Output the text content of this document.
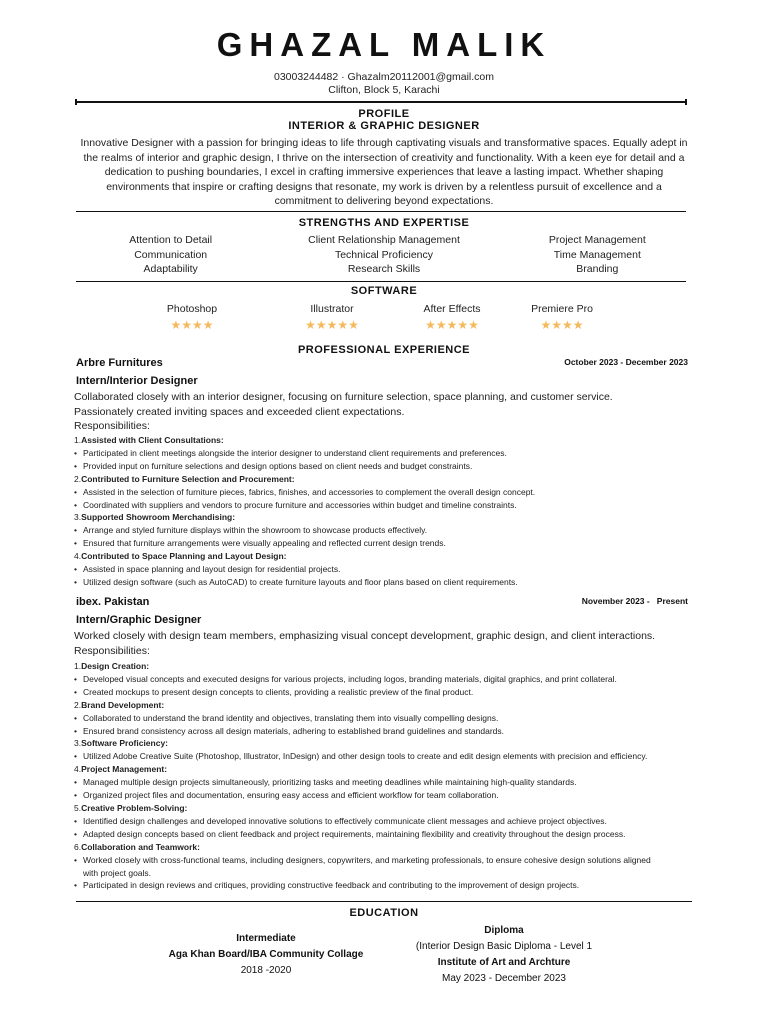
GHAZAL MALIK
03003244482 · Ghazalm20112001@gmail.com
Clifton, Block 5, Karachi
PROFILE
INTERIOR & GRAPHIC DESIGNER
Innovative Designer with a passion for bringing ideas to life through captivating visuals and transformative spaces. Equally adept in
the realms of interior and graphic design, I thrive on the intersection of creativity and functionality. With a keen eye for detail and a
dedication to pushing boundaries, I excel in crafting immersive experiences that leave a lasting impact. Whether shaping
environments that inspire or crafting designs that resonate, my work is driven by a relentless pursuit of excellence and a
commitment to delivering beyond expectations.
STRENGTHS AND EXPERTISE
Attention to Detail	Client Relationship Management	Project Management
Communication	Technical Proficiency	Time Management
Adaptability	Research Skills	Branding
SOFTWARE
Photoshop
★★★★
Illustrator
★★★★★
After Effects
★★★★★
Premiere Pro
★★★★
PROFESSIONAL EXPERIENCE
Arbre Furnitures	October 2023 - December 2023
Intern/Interior Designer
Collaborated closely with an interior designer, focusing on furniture selection, space planning, and customer service.
Passionately created inviting spaces and exceeded client expectations.
Responsibilities:
1.Assisted with Client Consultations:
• Participated in client meetings alongside the interior designer to understand client requirements and preferences.
• Provided input on furniture selections and design options based on client needs and budget constraints.
2.Contributed to Furniture Selection and Procurement:
• Assisted in the selection of furniture pieces, fabrics, finishes, and accessories to complement the overall design concept.
• Coordinated with suppliers and vendors to procure furniture and accessories within budget and timeline constraints.
3.Supported Showroom Merchandising:
• Arrange and styled furniture displays within the showroom to showcase products effectively.
• Ensured that furniture arrangements were visually appealing and reflected current design trends.
4.Contributed to Space Planning and Layout Design:
• Assisted in space planning and layout design for residential projects.
• Utilized design software (such as AutoCAD) to create furniture layouts and floor plans based on client requirements.
ibex. Pakistan	November 2023 -   Present
Intern/Graphic Designer
Worked closely with design team members, emphasizing visual concept development, graphic design, and client interactions.
Responsibilities:
1.Design Creation:
• Developed visual concepts and executed designs for various projects, including logos, branding materials, digital graphics, and print collateral.
• Created mockups to present design concepts to clients, providing a realistic preview of the final product.
2.Brand Development:
• Collaborated to understand the brand identity and objectives, translating them into visually compelling designs.
• Ensured brand consistency across all design materials, adhering to established brand guidelines and standards.
3.Software Proficiency:
• Utilized Adobe Creative Suite (Photoshop, Illustrator, InDesign) and other design tools to create and edit design elements with precision and efficiency.
4.Project Management:
• Managed multiple design projects simultaneously, prioritizing tasks and meeting deadlines while maintaining high-quality standards.
• Organized project files and documentation, ensuring easy access and efficient workflow for team collaboration.
5.Creative Problem-Solving:
• Identified design challenges and developed innovative solutions to effectively communicate client messages and achieve project objectives.
• Adapted design concepts based on client feedback and project requirements, maintaining flexibility and creativity throughout the design process.
6.Collaboration and Teamwork:
• Worked closely with cross-functional teams, including designers, copywriters, and marketing professionals, to ensure cohesive design solutions aligned
with project goals.
• Participated in design reviews and critiques, providing constructive feedback and contributing to the improvement of design projects.
EDUCATION
Intermediate
Aga Khan Board/IBA Community Collage
2018 -2020
Diploma
(Interior Design Basic Diploma - Level 1
Institute of Art and Archture
May 2023 - December 2023
